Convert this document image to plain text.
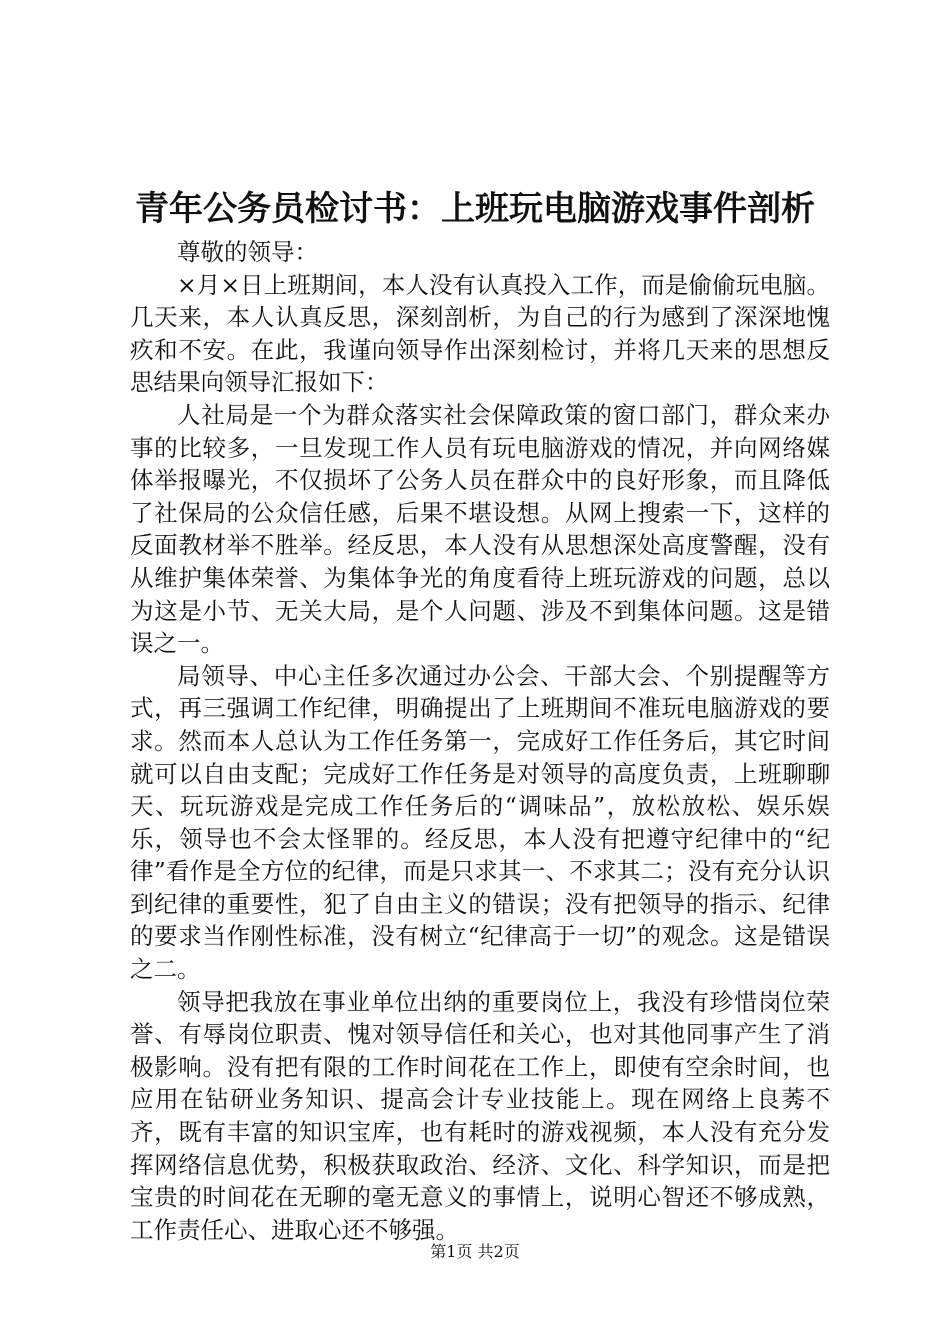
青年公务员检讨书：上班玩电脑游戏事件剖析

尊敬的领导：

×月×日上班期间，本人没有认真投入工作，而是偷偷玩电脑。几天来，本人认真反思，深刻剖析，为自己的行为感到了深深地愧疚和不安。在此，我谨向领导作出深刻检讨，并将几天来的思想反思结果向领导汇报如下：

人社局是一个为群众落实社会保障政策的窗口部门，群众来办事的比较多，一旦发现工作人员有玩电脑游戏的情况，并向网络媒体举报曝光，不仅损坏了公务人员在群众中的良好形象，而且降低了社保局的公众信任感，后果不堪设想。从网上搜索一下，这样的反面教材举不胜举。经反思，本人没有从思想深处高度警醒，没有从维护集体荣誉、为集体争光的角度看待上班玩游戏的问题，总以为这是小节、无关大局，是个人问题、涉及不到集体问题。这是错误之一。

局领导、中心主任多次通过办公会、干部大会、个别提醒等方式，再三强调工作纪律，明确提出了上班期间不准玩电脑游戏的要求。然而本人总认为工作任务第一，完成好工作任务后，其它时间就可以自由支配；完成好工作任务是对领导的高度负责，上班聊聊天、玩玩游戏是完成工作任务后的“调味品”，放松放松、娱乐娱乐，领导也不会太怪罪的。经反思，本人没有把遵守纪律中的“纪律”看作是全方位的纪律，而是只求其一、不求其二；没有充分认识到纪律的重要性，犯了自由主义的错误；没有把领导的指示、纪律的要求当作刚性标准，没有树立“纪律高于一切”的观念。这是错误之二。

领导把我放在事业单位出纳的重要岗位上，我没有珍惜岗位荣誉、有辱岗位职责、愧对领导信任和关心，也对其他同事产生了消极影响。没有把有限的工作时间花在工作上，即使有空余时间，也应用在钻研业务知识、提高会计专业技能上。现在网络上良莠不齐，既有丰富的知识宝库，也有耗时的游戏视频，本人没有充分发挥网络信息优势，积极获取政治、经济、文化、科学知识，而是把宝贵的时间花在无聊的毫无意义的事情上，说明心智还不够成熟，工作责任心、进取心还不够强。

第1页 共2页
